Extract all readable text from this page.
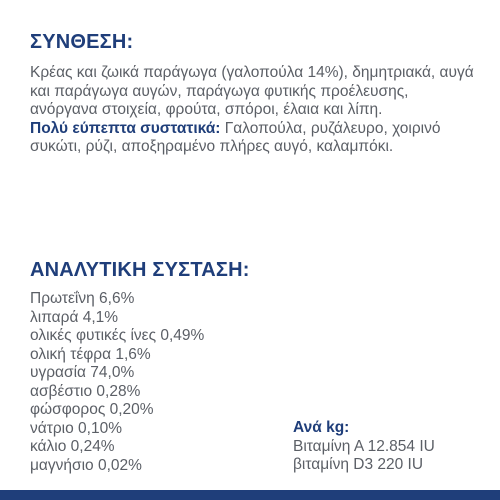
ΣΥΝΘΕΣΗ:

Κρέας και ζωικά παράγωγα (γαλοπούλα 14%), δημητριακά, αυγά και παράγωγα αυγών, παράγωγα φυτικής προέλευσης, ανόργανα στοιχεία, φρούτα, σπόροι, έλαια και λίπη.
Πολύ εύπεπτα συστατικά: Γαλοπούλα, ρυζάλευρο, χοιρινό συκώτι, ρύζι, αποξηραμένο πλήρες αυγό, καλαμπόκι.

ΑΝΑΛΥΤΙΚΗ ΣΥΣΤΑΣΗ:
Πρωτεΐνη 6,6%
λιπαρά 4,1%
ολικές φυτικές ίνες 0,49%
ολική τέφρα 1,6%
υγρασία 74,0%
ασβέστιο 0,28%
φώσφορος 0,20%
νάτριο 0,10%
κάλιο 0,24%
μαγνήσιο 0,02%
Ανά kg:
Βιταμίνη Α 12.854 IU
βιταμίνη D3 220 IU
